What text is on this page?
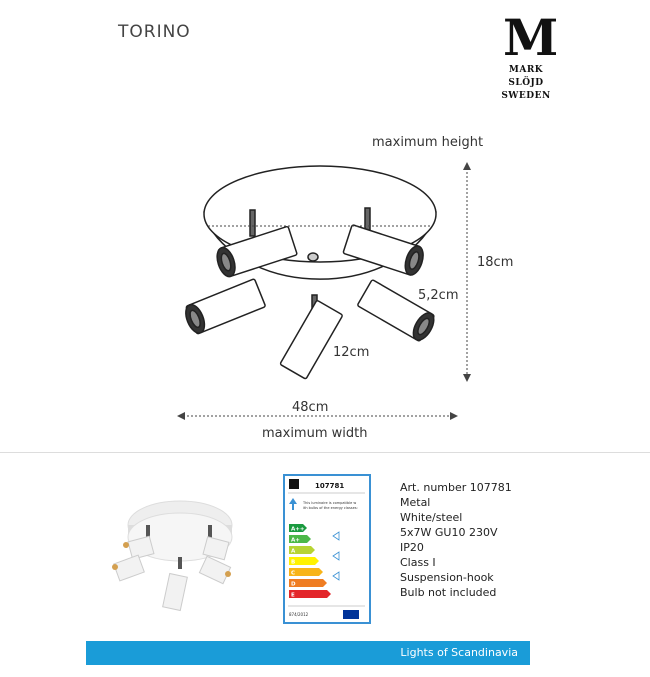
TORINO	M
MARK
SLÖJD
SWEDEN
maximum height
18cm
5,2cm
12cm
48cm
maximum width
107781
A++
A+
A
B
C
D
E
This luminaire is compatible w
ith bulbs of the energy classes:
874/2012
Art. number 107781
Metal
White/steel
5x7W GU10 230V
IP20
Class I
Suspension-hook
Bulb not included
Lights of Scandinavia
